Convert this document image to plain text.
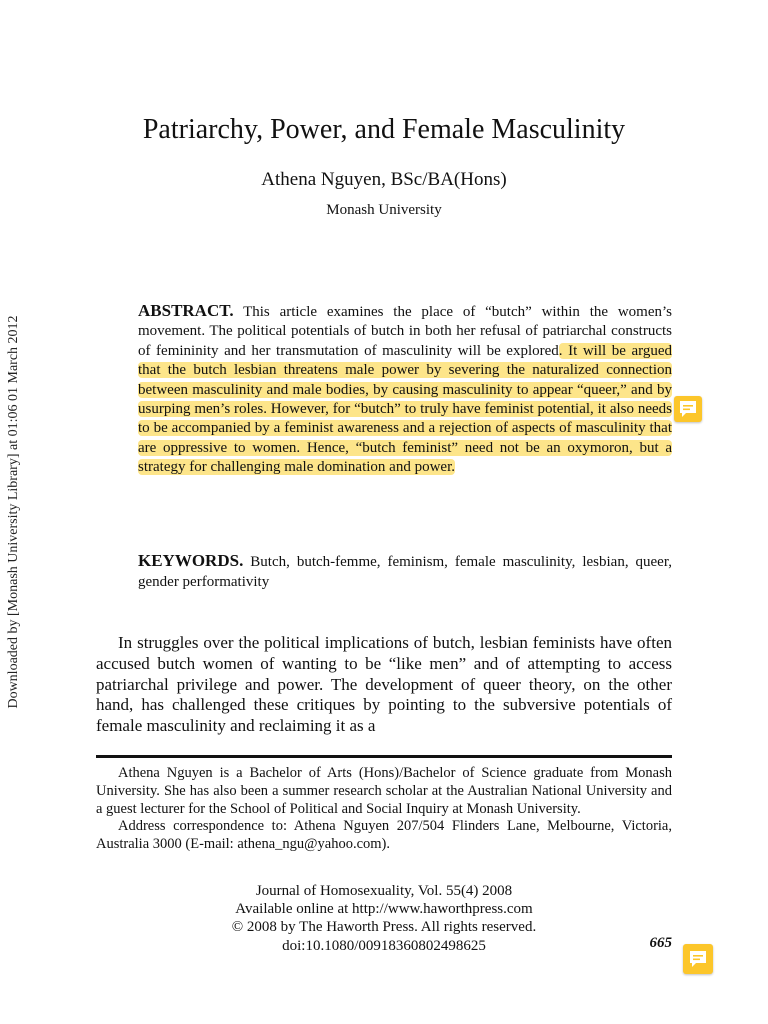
Downloaded by [Monash University Library] at 01:06 01 March 2012
Patriarchy, Power, and Female Masculinity
Athena Nguyen, BSc/BA(Hons)
Monash University

ABSTRACT. This article examines the place of “butch” within the women’s movement. The political potentials of butch in both her refusal of patriarchal constructs of femininity and her transmutation of masculinity will be explored. It will be argued that the butch lesbian threatens male power by severing the naturalized connection between masculinity and male bodies, by causing masculinity to appear “queer,” and by usurping men’s roles. However, for “butch” to truly have feminist potential, it also needs to be accompanied by a feminist awareness and a rejection of aspects of masculinity that are oppressive to women. Hence, “butch feminist” need not be an oxymoron, but a strategy for challenging male domination and power.

KEYWORDS. Butch, butch-femme, feminism, female masculinity, lesbian, queer, gender performativity

In struggles over the political implications of butch, lesbian feminists have often accused butch women of wanting to be “like men” and of attempting to access patriarchal privilege and power. The development of queer theory, on the other hand, has challenged these critiques by pointing to the subversive potentials of female masculinity and reclaiming it as a

Athena Nguyen is a Bachelor of Arts (Hons)/Bachelor of Science graduate from Monash University. She has also been a summer research scholar at the Australian National University and a guest lecturer for the School of Political and Social Inquiry at Monash University.

Address correspondence to: Athena Nguyen 207/504 Flinders Lane, Melbourne, Victoria, Australia 3000 (E-mail: athena_ngu@yahoo.com).

Journal of Homosexuality, Vol. 55(4) 2008
Available online at http://www.haworthpress.com
© 2008 by The Haworth Press. All rights reserved.
doi:10.1080/00918360802498625	665
